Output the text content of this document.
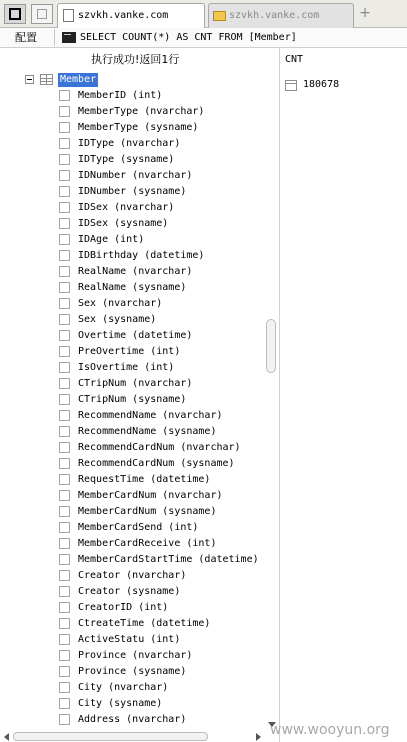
szvkh.vanke.com	szvkh.vanke.com	+
配置	SELECT COUNT(*) AS CNT FROM [Member]
执行成功!返回1行
Member
MemberID (int)
MemberType (nvarchar)
MemberType (sysname)
IDType (nvarchar)
IDType (sysname)
IDNumber (nvarchar)
IDNumber (sysname)
IDSex (nvarchar)
IDSex (sysname)
IDAge (int)
IDBirthday (datetime)
RealName (nvarchar)
RealName (sysname)
Sex (nvarchar)
Sex (sysname)
Overtime (datetime)
PreOvertime (int)
IsOvertime (int)
CTripNum (nvarchar)
CTripNum (sysname)
RecommendName (nvarchar)
RecommendName (sysname)
RecommendCardNum (nvarchar)
RecommendCardNum (sysname)
RequestTime (datetime)
MemberCardNum (nvarchar)
MemberCardNum (sysname)
MemberCardSend (int)
MemberCardReceive (int)
MemberCardStartTime (datetime)
Creator (nvarchar)
Creator (sysname)
CreatorID (int)
CtreateTime (datetime)
ActiveStatu (int)
Province (nvarchar)
Province (sysname)
City (nvarchar)
City (sysname)
Address (nvarchar)
CNT
180678
www.wooyun.org
